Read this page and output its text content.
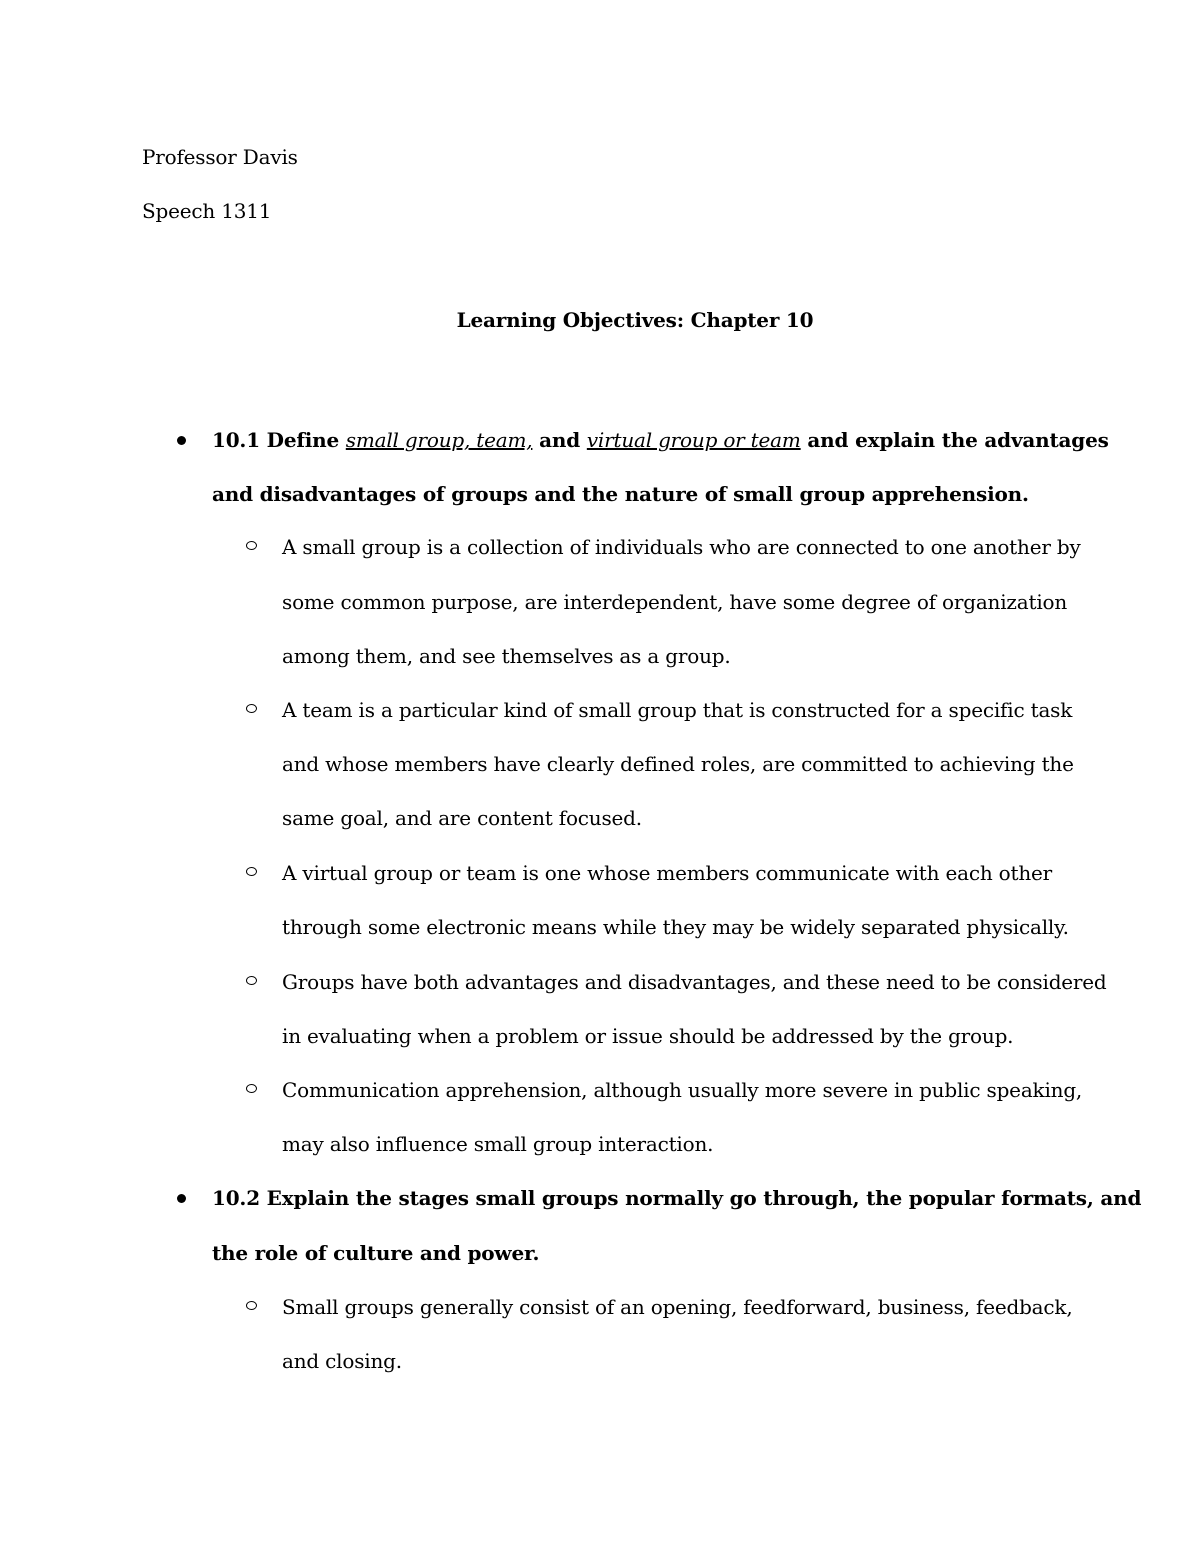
Professor Davis
Speech 1311
Learning Objectives: Chapter 10
10.1 Define small group, team, and virtual group or team and explain the advantages
and disadvantages of groups and the nature of small group apprehension.
A small group is a collection of individuals who are connected to one another by
some common purpose, are interdependent, have some degree of organization
among them, and see themselves as a group.
A team is a particular kind of small group that is constructed for a specific task
and whose members have clearly defined roles, are committed to achieving the
same goal, and are content focused.
A virtual group or team is one whose members communicate with each other
through some electronic means while they may be widely separated physically.
Groups have both advantages and disadvantages, and these need to be considered
in evaluating when a problem or issue should be addressed by the group.
Communication apprehension, although usually more severe in public speaking,
may also influence small group interaction.
10.2 Explain the stages small groups normally go through, the popular formats, and
the role of culture and power.
Small groups generally consist of an opening, feedforward, business, feedback,
and closing.
